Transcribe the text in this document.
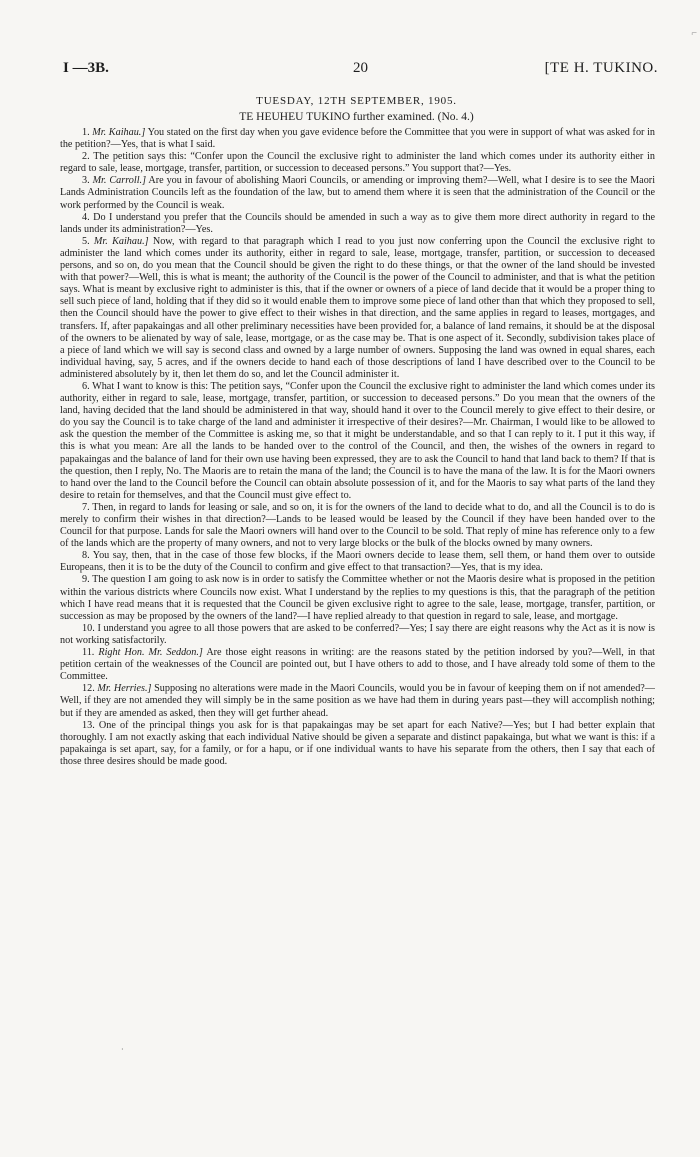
⌐
I —3B.	20	[TE H. TUKINO.
TUESDAY, 12TH SEPTEMBER, 1905.
TE HEUHEU TUKINO further examined. (No. 4.)

1. Mr. Kaihau.] You stated on the first day when you gave evidence before the Committee that you were in support of what was asked for in the petition?—Yes, that is what I said.

2. The petition says this: “Confer upon the Council the exclusive right to administer the land which comes under its authority either in regard to sale, lease, mortgage, transfer, partition, or succession to deceased persons.” You support that?—Yes.

3. Mr. Carroll.] Are you in favour of abolishing Maori Councils, or amending or improving them?—Well, what I desire is to see the Maori Lands Administration Councils left as the foundation of the law, but to amend them where it is seen that the administration of the Council or the work performed by the Council is weak.

4. Do I understand you prefer that the Councils should be amended in such a way as to give them more direct authority in regard to the lands under its administration?—Yes.

5. Mr. Kaihau.] Now, with regard to that paragraph which I read to you just now conferring upon the Council the exclusive right to administer the land which comes under its authority, either in regard to sale, lease, mortgage, transfer, partition, or succession to deceased persons, and so on, do you mean that the Council should be given the right to do these things, or that the owner of the land should be invested with that power?—Well, this is what is meant; the authority of the Council is the power of the Council to administer, and that is what the petition says. What is meant by exclusive right to administer is this, that if the owner or owners of a piece of land decide that it would be a proper thing to sell such piece of land, holding that if they did so it would enable them to improve some piece of land other than that which they proposed to sell, then the Council should have the power to give effect to their wishes in that direction, and the same applies in regard to leases, mortgages, and transfers. If, after papakaingas and all other preliminary necessities have been provided for, a balance of land remains, it should be at the disposal of the owners to be alienated by way of sale, lease, mortgage, or as the case may be. That is one aspect of it. Secondly, subdivision takes place of a piece of land which we will say is second class and owned by a large number of owners. Supposing the land was owned in equal shares, each individual having, say, 5 acres, and if the owners decide to hand each of those descriptions of land I have described over to the Council to be administered absolutely by it, then let them do so, and let the Council administer it.

6. What I want to know is this: The petition says, “Confer upon the Council the exclusive right to administer the land which comes under its authority, either in regard to sale, lease, mortgage, transfer, partition, or succession to deceased persons.” Do you mean that the owners of the land, having decided that the land should be administered in that way, should hand it over to the Council merely to give effect to their desire, or do you say the Council is to take charge of the land and administer it irrespective of their desires?—Mr. Chairman, I would like to be allowed to ask the question the member of the Committee is asking me, so that it might be understandable, and so that I can reply to it. I put it this way, if this is what you mean: Are all the lands to be handed over to the control of the Council, and then, the wishes of the owners in regard to papakaingas and the balance of land for their own use having been expressed, they are to ask the Council to hand that land back to them? If that is the question, then I reply, No. The Maoris are to retain the mana of the land; the Council is to have the mana of the law. It is for the Maori owners to hand over the land to the Council before the Council can obtain absolute possession of it, and for the Maoris to say what parts of the land they desire to retain for themselves, and that the Council must give effect to.

7. Then, in regard to lands for leasing or sale, and so on, it is for the owners of the land to decide what to do, and all the Council is to do is merely to confirm their wishes in that direction?—Lands to be leased would be leased by the Council if they have been handed over to the Council for that purpose. Lands for sale the Maori owners will hand over to the Council to be sold. That reply of mine has reference only to a few of the lands which are the property of many owners, and not to very large blocks or the bulk of the blocks owned by many owners.

8. You say, then, that in the case of those few blocks, if the Maori owners decide to lease them, sell them, or hand them over to outside Europeans, then it is to be the duty of the Council to confirm and give effect to that transaction?—Yes, that is my idea.

9. The question I am going to ask now is in order to satisfy the Committee whether or not the Maoris desire what is proposed in the petition within the various districts where Councils now exist. What I understand by the replies to my questions is this, that the paragraph of the petition which I have read means that it is requested that the Council be given exclusive right to agree to the sale, lease, mortgage, transfer, partition, or succession as may be proposed by the owners of the land?—I have replied already to that question in regard to sale, lease, and mortgage.

10. I understand you agree to all those powers that are asked to be conferred?—Yes; I say there are eight reasons why the Act as it is now is not working satisfactorily.

11. Right Hon. Mr. Seddon.] Are those eight reasons in writing: are the reasons stated by the petition indorsed by you?—Well, in that petition certain of the weaknesses of the Council are pointed out, but I have others to add to those, and I have already told some of them to the Committee.

12. Mr. Herries.] Supposing no alterations were made in the Maori Councils, would you be in favour of keeping them on if not amended?—Well, if they are not amended they will simply be in the same position as we have had them in during years past—they will accomplish nothing; but if they are amended as asked, then they will get further ahead.

13. One of the principal things you ask for is that papakaingas may be set apart for each Native?—Yes; but I had better explain that thoroughly. I am not exactly asking that each individual Native should be given a separate and distinct papakainga, but what we want is this: if a papakainga is set apart, say, for a family, or for a hapu, or if one individual wants to have his separate from the others, then I say that each of those three desires should be made good.

·
